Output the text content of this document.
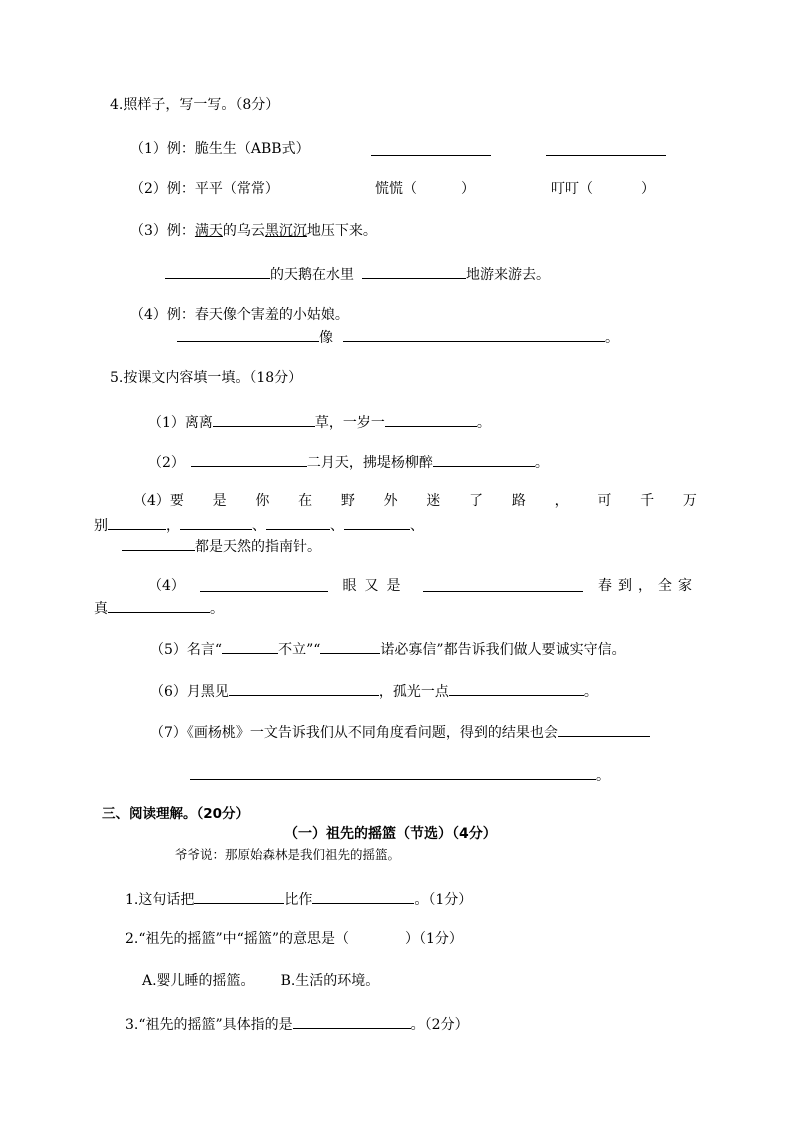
4.照样子，写一写。（8分）
（1）例：脆生生（ABB式）
（2）例：平平（常常）	慌慌（	）	叮叮（	）
（3）例：满天的乌云黑沉沉地压下来。
的天鹅在水里	地游来游去。
（4）例：春天像个害羞的小姑娘。
像	。
5.按课文内容填一填。（18分）
（1）离离	草，一岁一	。
（2）	二月天，拂堤杨柳醉	。
（4）要 是 你 在 野 外 迷 了 路 ， 可 千 万
别	，	、	、	、
都是天然的指南针。
（4）	眼又是	春到，全家
真	。
（5）名言“	不立”“	诺必寡信”都告诉我们做人要诚实守信。
（6）月黑见	，孤光一点	。
（7）《画杨桃》一文告诉我们从不同角度看问题，得到的结果也会
。
三、阅读理解。（20分）
（一）祖先的摇篮（节选）（4分）
爷爷说：那原始森林是我们祖先的摇篮。
1.这句话把	比作	。（1分）
2.“祖先的摇篮”中“摇篮”的意思是（	）（1分）
A.婴儿睡的摇篮。 B.生活的环境。
3.“祖先的摇篮”具体指的是	。（2分）
